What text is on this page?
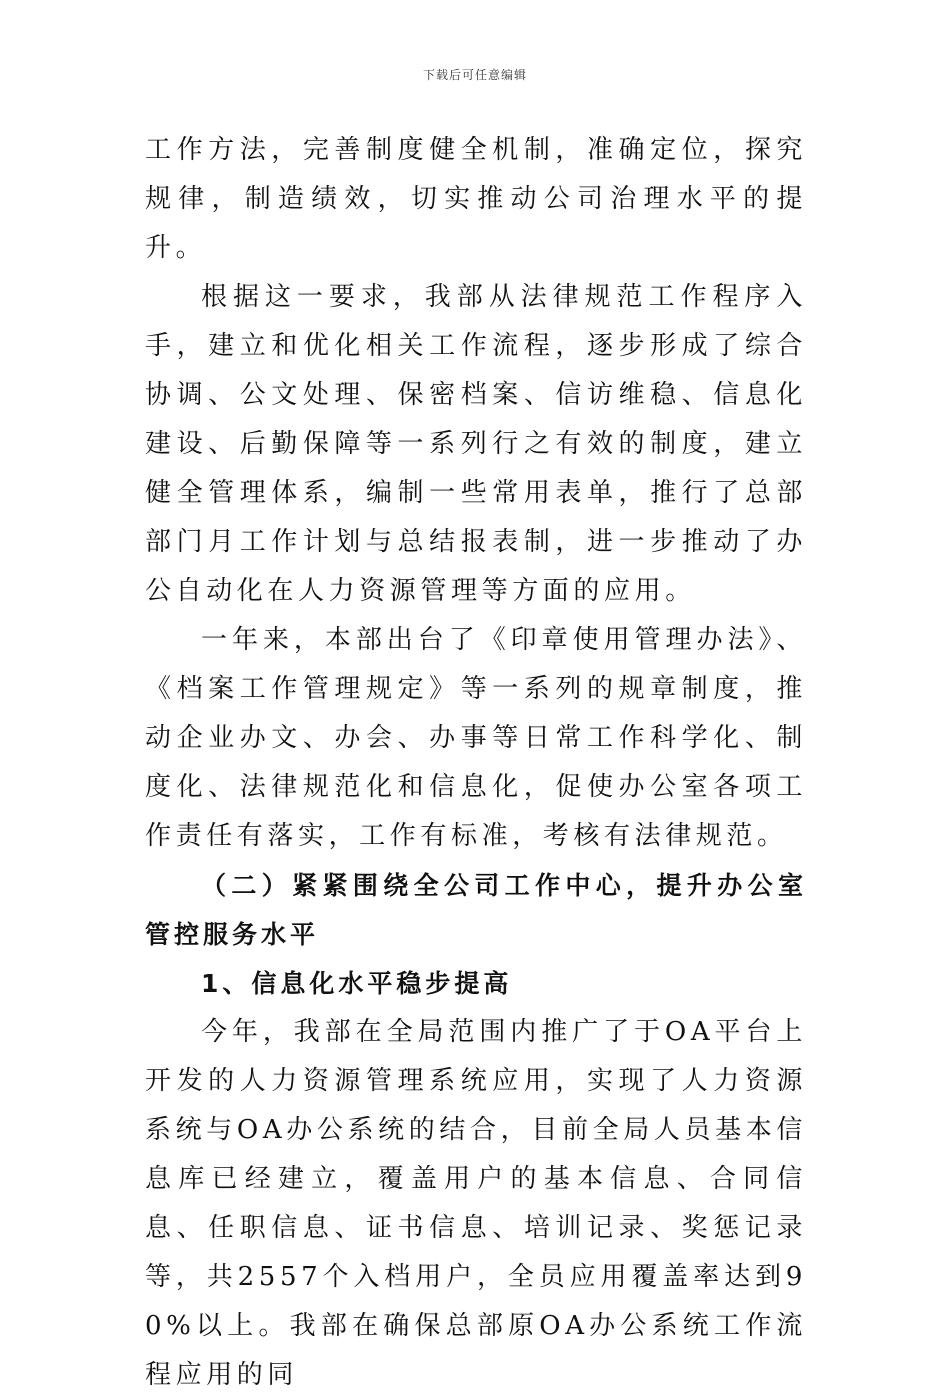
下载后可任意编辑

工作方法，完善制度健全机制，准确定位，探究规律，制造绩效，切实推动公司治理水平的提升。

根据这一要求，我部从法律规范工作程序入手，建立和优化相关工作流程，逐步形成了综合协调、公文处理、保密档案、信访维稳、信息化建设、后勤保障等一系列行之有效的制度，建立健全管理体系，编制一些常用表单，推行了总部部门月工作计划与总结报表制，进一步推动了办公自动化在人力资源管理等方面的应用。

一年来，本部出台了《印章使用管理办法》、《档案工作管理规定》等一系列的规章制度，推动企业办文、办会、办事等日常工作科学化、制度化、法律规范化和信息化，促使办公室各项工作责任有落实，工作有标准，考核有法律规范。

（二）紧紧围绕全公司工作中心，提升办公室管控服务水平

1、信息化水平稳步提高

今年，我部在全局范围内推广了于OA平台上开发的人力资源管理系统应用，实现了人力资源系统与OA办公系统的结合，目前全局人员基本信息库已经建立，覆盖用户的基本信息、合同信息、任职信息、证书信息、培训记录、奖惩记录等，共2557个入档用户，全员应用覆盖率达到90%以上。我部在确保总部原OA办公系统工作流程应用的同
